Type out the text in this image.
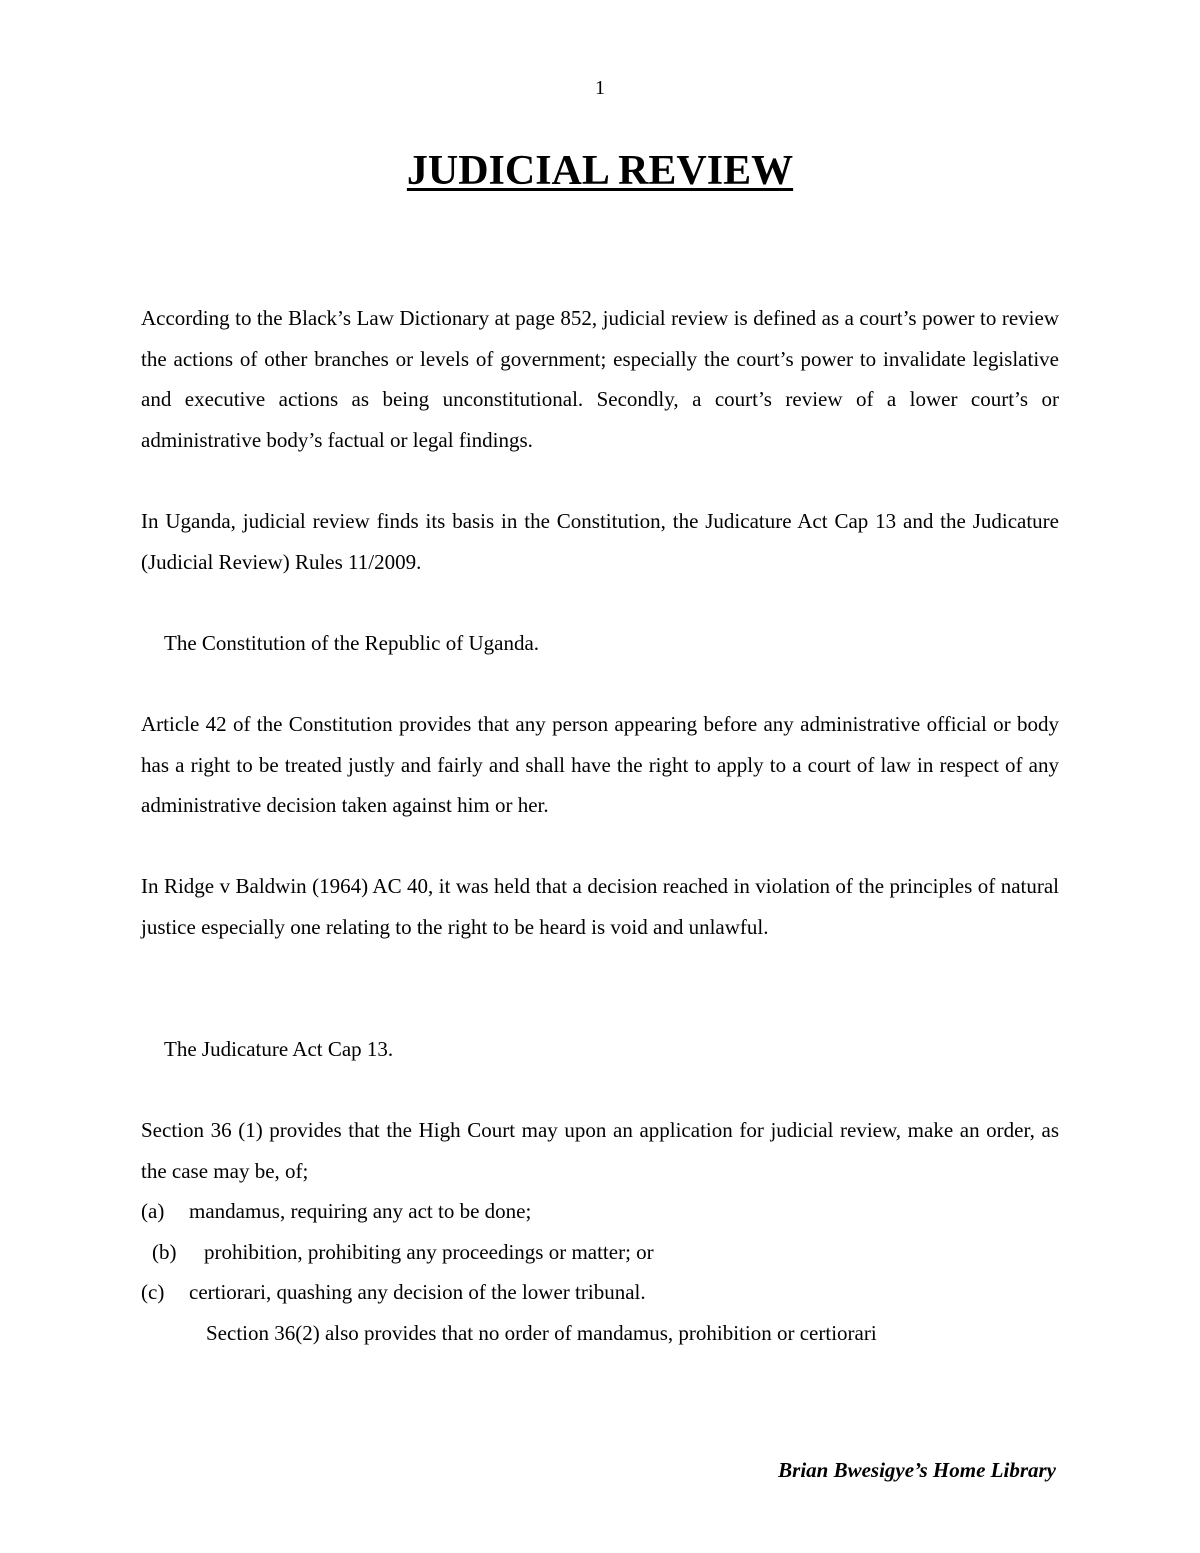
1
JUDICIAL REVIEW
According to the Black’s Law Dictionary at page 852, judicial review is defined as a court’s power to review the actions of other branches or levels of government; especially the court’s power to invalidate legislative and executive actions as being unconstitutional. Secondly, a court’s review of a lower court’s or administrative body’s factual or legal findings.
In Uganda, judicial review finds its basis in the Constitution, the Judicature Act Cap 13 and the Judicature (Judicial Review) Rules 11/2009.
The Constitution of the Republic of Uganda.
Article 42 of the Constitution provides that any person appearing before any administrative official or body has a right to be treated justly and fairly and shall have the right to apply to a court of law in respect of any administrative decision taken against him or her.
In Ridge v Baldwin (1964) AC 40, it was held that a decision reached in violation of the principles of natural justice especially one relating to the right to be heard is void and unlawful.
The Judicature Act Cap 13.
Section 36 (1) provides that the High Court may upon an application for judicial review, make an order, as the case may be, of;
(a) mandamus, requiring any act to be done;
(b) prohibition, prohibiting any proceedings or matter; or
(c) certiorari, quashing any decision of the lower tribunal.
Section 36(2) also provides that no order of mandamus, prohibition or certiorari
Brian Bwesigye’s Home Library
